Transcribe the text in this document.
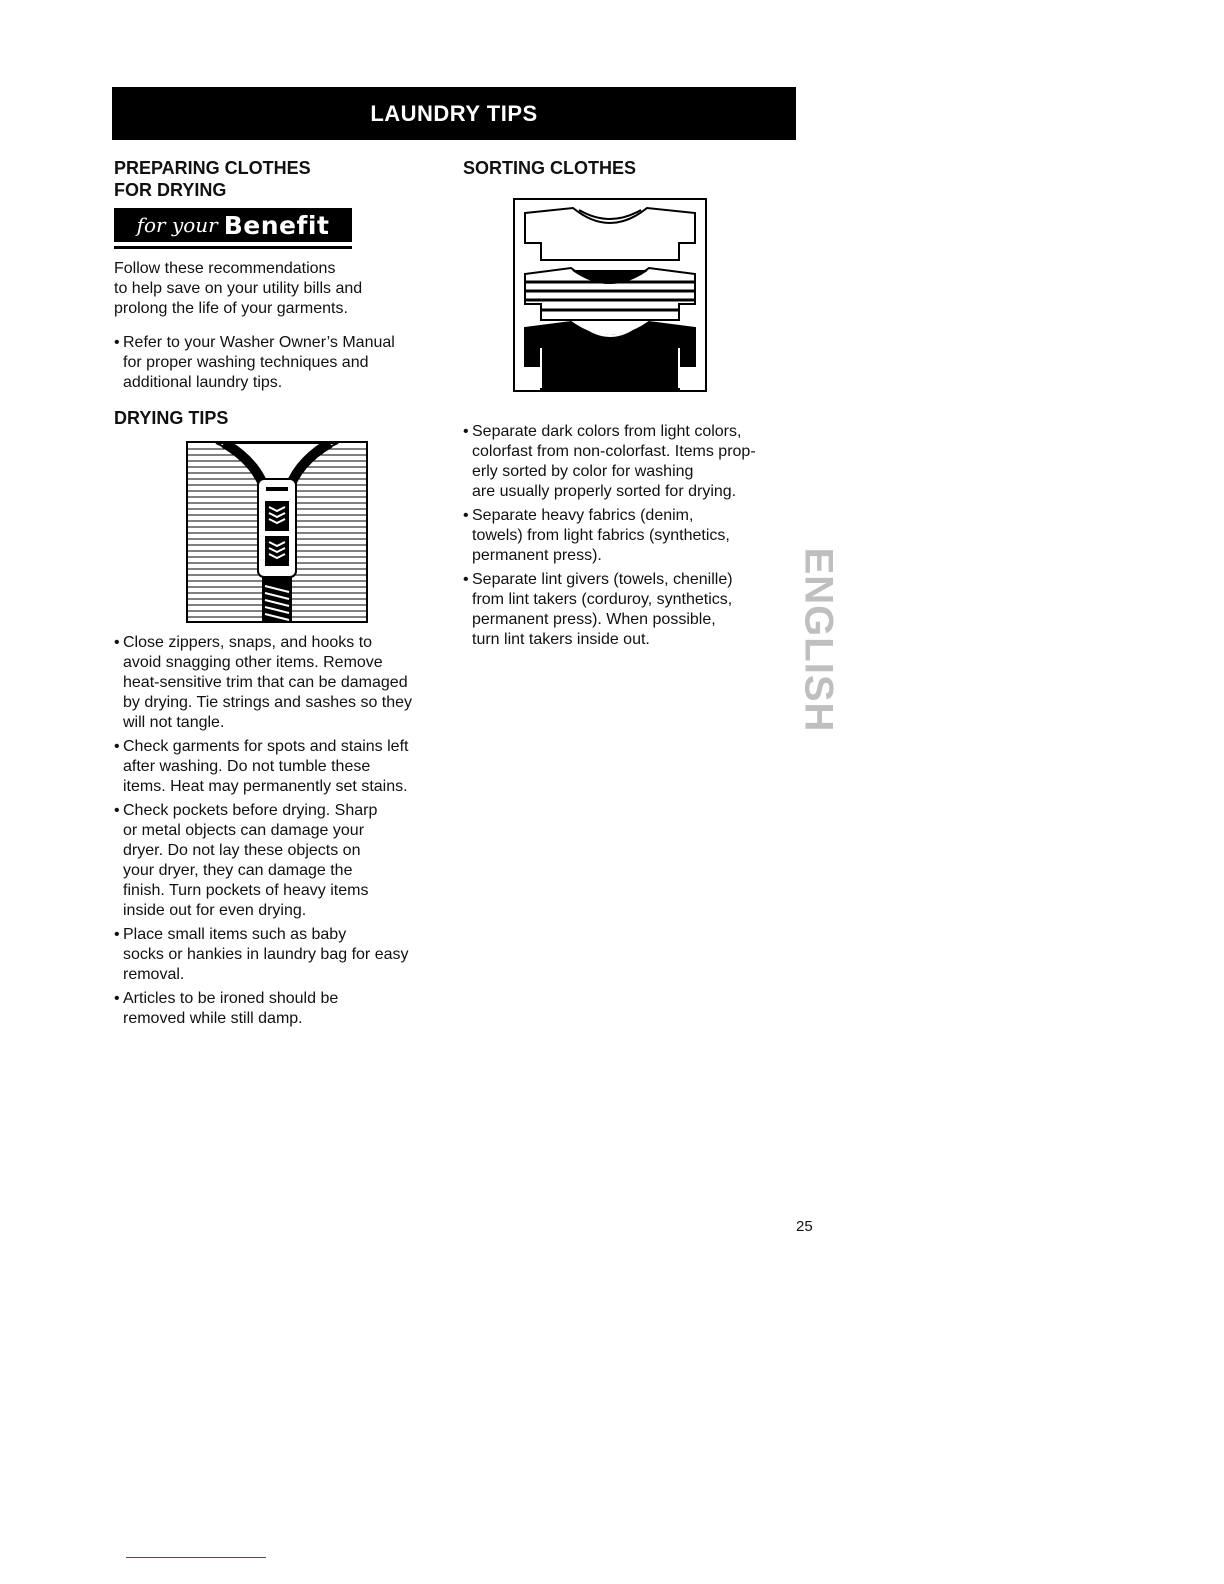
LAUNDRY TIPS

PREPARING CLOTHES

FOR DRYING

for your Benefit

Follow these recommendations
to help save on your utility bills and
prolong the life of your garments.

• Refer to your Washer Owner’s Manual
for proper washing techniques and
additional laundry tips.

DRYING TIPS

• Close zippers, snaps, and hooks to
avoid snagging other items. Remove
heat-sensitive trim that can be damaged
by drying. Tie strings and sashes so they
will not tangle.
• Check garments for spots and stains left
after washing. Do not tumble these
items. Heat may permanently set stains.
• Check pockets before drying. Sharp
or metal objects can damage your
dryer. Do not lay these objects on
your dryer, they can damage the
finish. Turn pockets of heavy items
inside out for even drying.
• Place small items such as baby
socks or hankies in laundry bag for easy
removal.
• Articles to be ironed should be
removed while still damp.

SORTING CLOTHES

• Separate dark colors from light colors,
colorfast from non-colorfast. Items prop-
erly sorted by color for washing
are usually properly sorted for drying.
• Separate heavy fabrics (denim,
towels) from light fabrics (synthetics,
permanent press).
• Separate lint givers (towels, chenille)
from lint takers (corduroy, synthetics,
permanent press). When possible,
turn lint takers inside out.	ENGLISH
25
